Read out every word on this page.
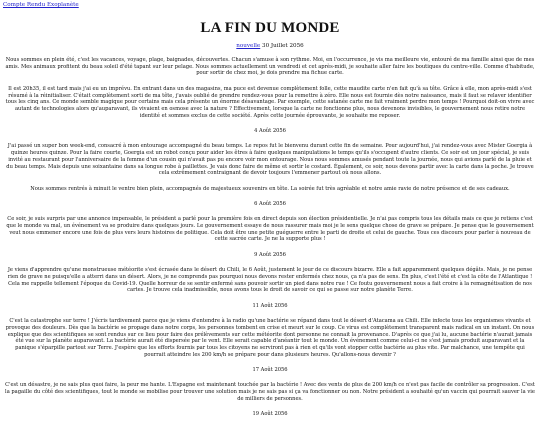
Compte Rendu Exoplanète
LA FIN DU MONDE
nouvelle 30 Juillet 2056

Nous sommes en plein été, c'est les vacances, voyage, plage, baignades, découvertes. Chacun s'amuse à son rythme. Moi, en l'occurrence, je vis ma meilleure vie, entouré de ma famille ainsi que de mes amis. Mes animaux profitent du beau soleil d'été tapant sur leur pelage. Nous sommes actuellement un vendredi et cet après-midi, je souhaite aller faire les boutiques du centre-ville. Comme d'habitude, pour sortir de chez moi, je dois prendre ma fichue carte.

Il est 20h35, il est tard mais j'ai eu un imprévu. En entrant dans un des magasins, ma puce est devenue complètement folle, cette maudite carte n'en fait qu'à sa tête. Grâce à elle, mon après-midi s'est résumé à la réinitialiser. C'était complètement sorti de ma tête, j'avais oublié de prendre rendez-vous pour la remettre à zéro. Elle nous est fournie dès notre naissance, mais il faut se relaver identifier tous les cinq ans. Ce monde semble magique pour certains mais cela présente un énorme désavantage. Par exemple, cette satanée carte me fait vraiment perdre mon temps ! Pourquoi doit-on vivre avec autant de technologies alors qu'auparavant, ils vivaient en osmose avec la nature ? Effectivement, lorsque la carte ne fonctionne plus, nous devenons invisibles, le gouvernement nous retire notre identité et sommes exclus de cette société. Après cette journée éprouvante, je souhaite me reposer.

4 Août 2056

J'ai passé un super bon week-end, consacré à mon entourage accompagné du beau temps. Le repos fut le bienvenu durant cette fin de semaine. Pour aujourd'hui, j'ai rendez-vous avec Mister Goergia à quinze heures quinze. Pour la faire courte, Goergia est un robot conçu pour aider les êtres à faire quelques manipulations le temps qu'ils s'occupent d'autre clients. Ce soir est un jour spécial, je suis invité au restaurant pour l'anniversaire de la femme d'un cousin qui n'avait pas pu encore voir mon entourage. Nous nous sommes amusés pendant toute la journée, nous qui avions parlé de la pluie et du beau temps. Mais depuis une soixantaine dans sa longue robe à paillettes. Je vais donc faire de même et sortir le costard. Également, ce soir, nous devons partir avec la carte dans la poche. Je trouve cela extrêmement contraignant de devoir toujours l'emmener partout où nous allons.

Nous sommes rentrés à minuit le ventre bien plein, accompagnés de majestueux souvenirs en tête. La soirée fut très agréable et notre amie ravie de notre présence et de ses cadeaux.

6 Août 2056

Ce soir, je suis surpris par une annonce impensable, le président a parlé pour la première fois en direct depuis son élection présidentielle. Je n'ai pas compris tous les détails mais ce que je retiens c'est que le monde va mal, un événement va se produire dans quelques jours. Le gouvernement essaye de nous rassurer mais moi je le sens quelque chose de grave se prépare. Je pense que le gouvernement veut nous emmener encore une fois de plus vers leurs histoires de politique. Cela doit être une petite guéguerre entre le parti de droite et celui de gauche. Tous ces discours pour parler à nouveau de cette sacrée carte. Je ne la supporte plus !

9 Août 2056

Je viens d'apprendre qu'une monstrueuse météorite s'est écrasée dans le désert du Chili, le 6 Août, justement le jour de ce discours bizarre. Elle a fait apparemment quelques dégâts. Mais, je ne pense rien de grave ne puisqu'elle a atterri dans un désert. Alors, je ne comprends pas pourquoi nous devons rester enfermés chez nous, ça n'a pas de sens. En plus, c'est l'été et c'est la côte de l'Atlantique ! Cela me rappelle tellement l'époque du Covid-19. Quelle horreur de se sentir enfermé sans pouvoir sortir un pied dans notre rue ! Ce foutu gouvernement nous a fait croire à la remagnétisation de nos cartes. Je trouve cela inadmissible, nous avons tous le droit de savoir ce qui se passe sur notre planète Terre.

11 Août 2056

C'est la catastrophe sur terre ! J'écris tardivement parce que je viens d'entendre à la radio qu'une bactérie se répand dans tout le désert d'Atacama au Chili. Elle infecte tous les organismes vivants et provoque des douleurs. Dès que la bactérie se propage dans notre corps, les personnes tombent en crise et meurt sur le coup. Ce virus est complètement transparent mais radical en un instant. On nous explique que des scientifiques se sont rendus sur ce lieu pour faire des prélèvements sur cette météorite dont personne ne connait la provenance. D'après ce que j'ai lu, aucune bactérie n'aurait jamais été vue sur la planète auparavant. La bactérie aurait été dispersée par le vent. Elle serait capable d'anéantir tout le monde. Un événement comme celui-ci ne s'est jamais produit auparavant et la panique s'éparpille partout sur Terre. J'espère que les efforts fournis par tous les citoyens ne serviront pas à rien et qu'ils vont stopper cette bactérie au plus vite. Par malchance, une tempête qui pourrait atteindre les 200 km/h se prépare pour dans plusieurs heures. Qu'allons-nous devenir ?

17 Août 2056

C'est un désastre, je ne sais plus quoi faire, la peur me hante. L'Espagne est maintenant touchée par la bactérie ! Avec des vents de plus de 200 km/h ce n'est pas facile de contrôler sa progression. C'est la pagaille du côté des scientifiques, tout le monde se mobilise pour trouver une solution mais je ne sais pas si ça va fonctionner ou non. Notre président a souhaité qu'un vaccin qui pourrait sauver la vie de milliers de personnes.

19 Août 2056
